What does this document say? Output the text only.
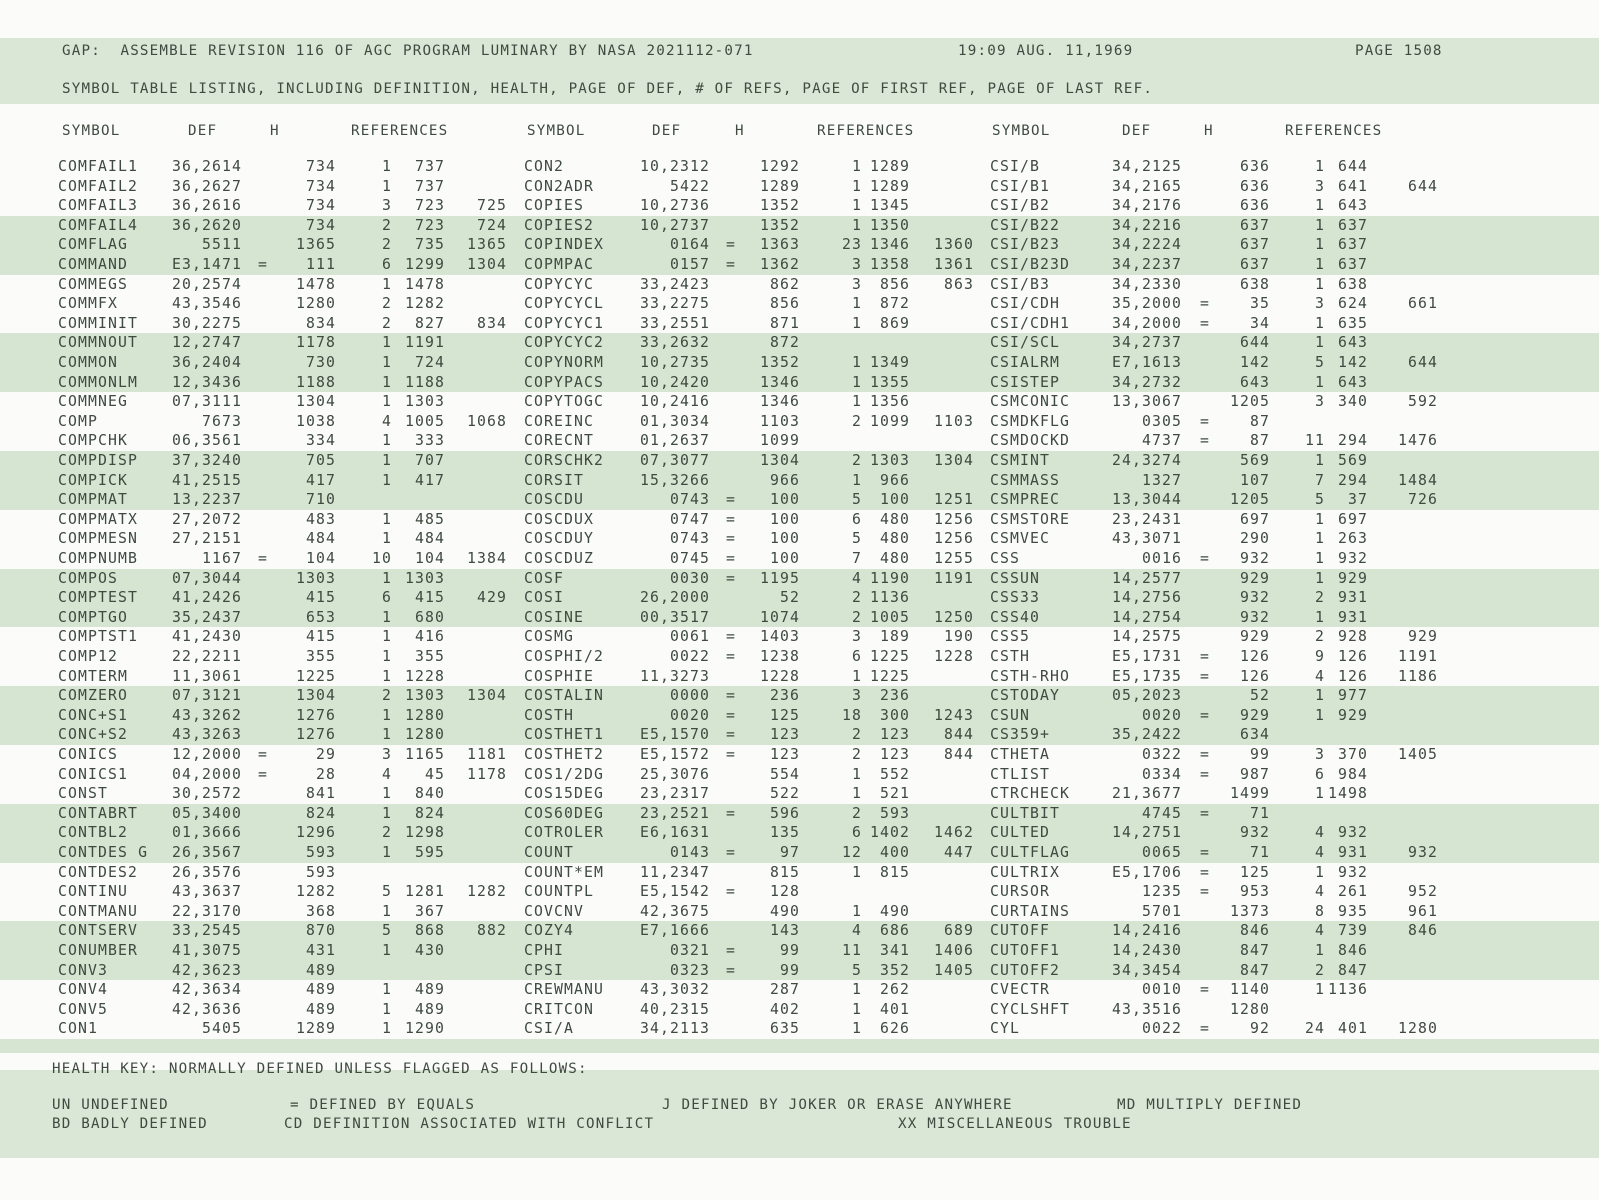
GAP:  ASSEMBLE REVISION 116 OF AGC PROGRAM LUMINARY BY NASA 2021112-071	19:09 AUG. 11,1969	PAGE 1508
SYMBOL TABLE LISTING, INCLUDING DEFINITION, HEALTH, PAGE OF DEF, # OF REFS, PAGE OF FIRST REF, PAGE OF LAST REF.
SYMBOL	DEF	H	REFERENCES	SYMBOL	DEF	H	REFERENCES	SYMBOL	DEF	H	REFERENCES
COMFAIL1	36,2614	734	1	737	CON2	10,2312	1292	1 1289	CSI/B	34,2125	636	1 644
COMFAIL2	36,2627	734	1	737	CON2ADR	5422	1289	1 1289	CSI/B1	34,2165	636	3 641	644
COMFAIL3	36,2616	734	3	723	725 COPIES	10,2736	1352	1 1345	CSI/B2	34,2176	636	1 643
COMFAIL4	36,2620	734	2	723	724 COPIES2	10,2737	1352	1 1350	CSI/B22	34,2216	637	1 637
COMFLAG	5511	1365	2	735	1365 COPINDEX	0164 =	1363	23 1346	1360 CSI/B23	34,2224	637	1 637
COMMAND	E3,1471 =	111	6 1299	1304 COPMPAC	0157 =	1362	3 1358	1361 CSI/B23D	34,2237	637	1 637
COMMEGS	20,2574	1478	1 1478	COPYCYC	33,2423	862	3	856	863 CSI/B3	34,2330	638	1 638
COMMFX	43,3546	1280	2 1282	COPYCYCL	33,2275	856	1	872	CSI/CDH	35,2000 =	35	3 624	661
COMMINIT	30,2275	834	2	827	834 COPYCYC1	33,2551	871	1	869	CSI/CDH1	34,2000 =	34	1 635
COMMNOUT	12,2747	1178	1 1191	COPYCYC2	33,2632	872	CSI/SCL	34,2737	644	1 643
COMMON	36,2404	730	1	724	COPYNORM	10,2735	1352	1 1349	CSIALRM	E7,1613	142	5 142	644
COMMONLM	12,3436	1188	1 1188	COPYPACS	10,2420	1346	1 1355	CSISTEP	34,2732	643	1 643
COMMNEG	07,3111	1304	1 1303	COPYTOGC	10,2416	1346	1 1356	CSMCONIC	13,3067	1205	3 340	592
COMP	7673	1038	4 1005	1068 COREINC	01,3034	1103	2 1099	1103 CSMDKFLG	0305 =	87
COMPCHK	06,3561	334	1	333	CORECNT	01,2637	1099	CSMDOCKD	4737 =	87	11 294	1476
COMPDISP	37,3240	705	1	707	CORSCHK2	07,3077	1304	2 1303	1304 CSMINT	24,3274	569	1 569
COMPICK	41,2515	417	1	417	CORSIT	15,3266	966	1	966	CSMMASS	1327	107	7 294	1484
COMPMAT	13,2237	710	COSCDU	0743 =	100	5	100	1251 CSMPREC	13,3044	1205	5	37	726
COMPMATX	27,2072	483	1	485	COSCDUX	0747 =	100	6	480	1256 CSMSTORE	23,2431	697	1 697
COMPMESN	27,2151	484	1	484	COSCDUY	0743 =	100	5	480	1256 CSMVEC	43,3071	290	1 263
COMPNUMB	1167 =	104	10	104	1384 COSCDUZ	0745 =	100	7	480	1255 CSS	0016 =	932	1 932
COMPOS	07,3044	1303	1 1303	COSF	0030 =	1195	4 1190	1191 CSSUN	14,2577	929	1 929
COMPTEST	41,2426	415	6	415	429 COSI	26,2000	52	2 1136	CSS33	14,2756	932	2 931
COMPTGO	35,2437	653	1	680	COSINE	00,3517	1074	2 1005	1250 CSS40	14,2754	932	1 931
COMPTST1	41,2430	415	1	416	COSMG	0061 =	1403	3	189	190 CSS5	14,2575	929	2 928	929
COMP12	22,2211	355	1	355	COSPHI/2	0022 =	1238	6 1225	1228 CSTH	E5,1731 =	126	9 126	1191
COMTERM	11,3061	1225	1 1228	COSPHIE	11,3273	1228	1 1225	CSTH-RHO	E5,1735 =	126	4 126	1186
COMZERO	07,3121	1304	2 1303	1304 COSTALIN	0000 =	236	3	236	CSTODAY	05,2023	52	1 977
CONC+S1	43,3262	1276	1 1280	COSTH	0020 =	125	18	300	1243 CSUN	0020 =	929	1 929
CONC+S2	43,3263	1276	1 1280	COSTHET1	E5,1570 =	123	2	123	844 CS359+	35,2422	634
CONICS	12,2000 =	29	3 1165	1181 COSTHET2	E5,1572 =	123	2	123	844 CTHETA	0322 =	99	3 370	1405
CONICS1	04,2000 =	28	4	45	1178 COS1/2DG	25,3076	554	1	552	CTLIST	0334 =	987	6 984
CONST	30,2572	841	1	840	COS15DEG	23,2317	522	1	521	CTRCHECK	21,3677	1499	1 1498
CONTABRT	05,3400	824	1	824	COS60DEG	23,2521 =	596	2	593	CULTBIT	4745 =	71
CONTBL2	01,3666	1296	2 1298	COTROLER	E6,1631	135	6 1402	1462 CULTED	14,2751	932	4 932
CONTDES G	26,3567	593	1	595	COUNT	0143 =	97	12	400	447 CULTFLAG	0065 =	71	4 931	932
CONTDES2	26,3576	593	COUNT*EM	11,2347	815	1	815	CULTRIX	E5,1706 =	125	1 932
CONTINU	43,3637	1282	5 1281	1282 COUNTPL	E5,1542 =	128	CURSOR	1235 =	953	4 261	952
CONTMANU	22,3170	368	1	367	COVCNV	42,3675	490	1	490	CURTAINS	5701	1373	8 935	961
CONTSERV	33,2545	870	5	868	882 COZY4	E7,1666	143	4	686	689 CUTOFF	14,2416	846	4 739	846
CONUMBER	41,3075	431	1	430	CPHI	0321 =	99	11	341	1406 CUTOFF1	14,2430	847	1 846
CONV3	42,3623	489	CPSI	0323 =	99	5	352	1405 CUTOFF2	34,3454	847	2 847
CONV4	42,3634	489	1	489	CREWMANU	43,3032	287	1	262	CVECTR	0010 =	1140	1 1136
CONV5	42,3636	489	1	489	CRITCON	40,2315	402	1	401	CYCLSHFT	43,3516	1280
CON1	5405	1289	1 1290	CSI/A	34,2113	635	1	626	CYL	0022 =	92	24 401	1280
HEALTH KEY: NORMALLY DEFINED UNLESS FLAGGED AS FOLLOWS:
UN UNDEFINED	= DEFINED BY EQUALS	J DEFINED BY JOKER OR ERASE ANYWHERE	MD MULTIPLY DEFINED
BD BADLY DEFINED	CD DEFINITION ASSOCIATED WITH CONFLICT	XX MISCELLANEOUS TROUBLE
